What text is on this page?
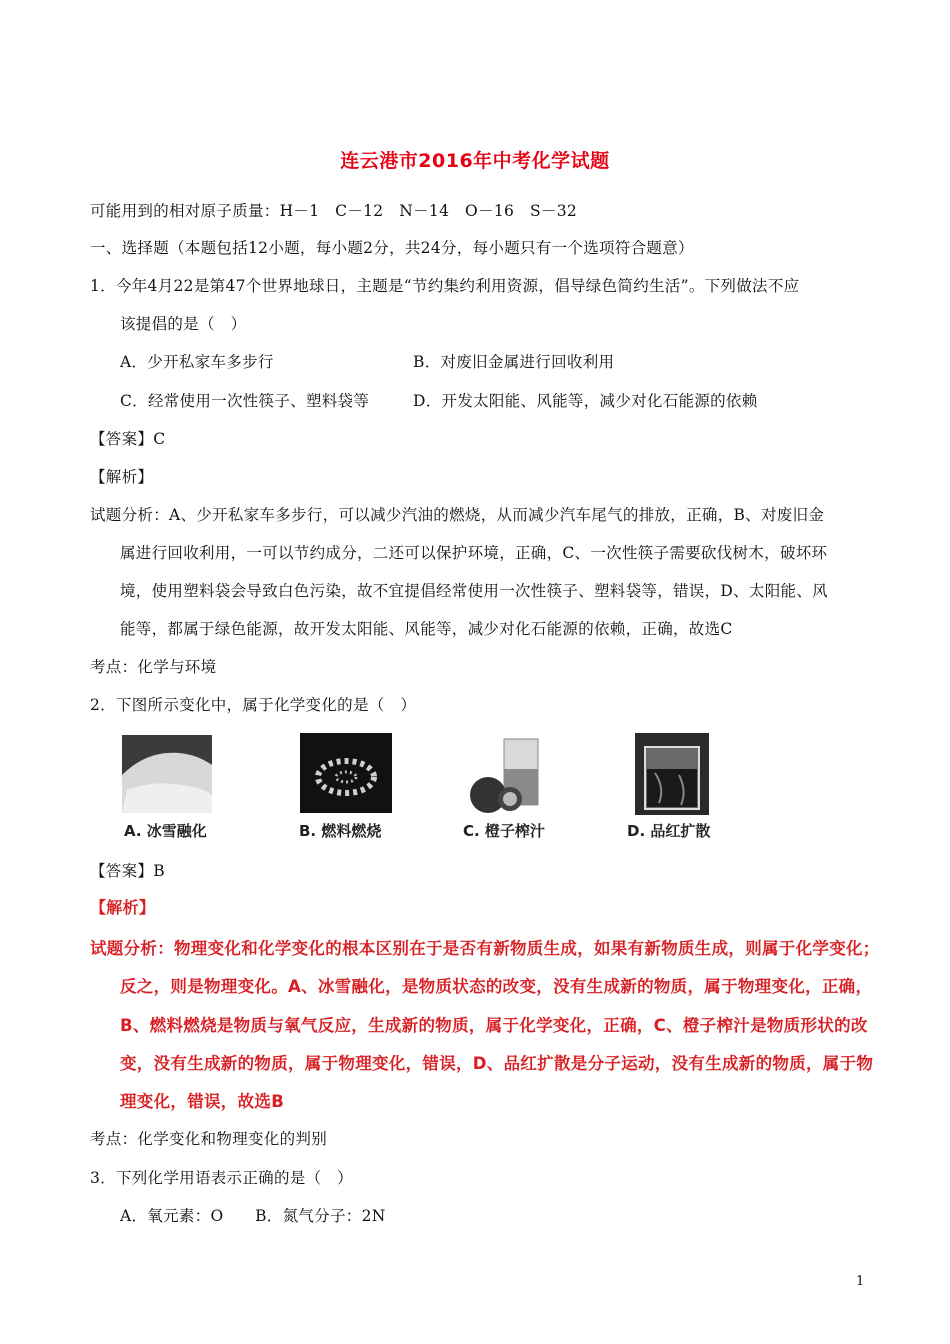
连云港市2016年中考化学试题
可能用到的相对原子质量：H－1　C－12　N－14　O－16　S－32
一、选择题（本题包括12小题，每小题2分，共24分，每小题只有一个选项符合题意）
1．今年4月22是第47个世界地球日，主题是“节约集约利用资源，倡导绿色简约生活”。下列做法不应
该提倡的是（　）
A．少开私家车多步行	B．对废旧金属进行回收利用
C．经常使用一次性筷子、塑料袋等	D．开发太阳能、风能等，减少对化石能源的依赖
【答案】C
【解析】
试题分析：A、少开私家车多步行，可以减少汽油的燃烧，从而减少汽车尾气的排放，正确，B、对废旧金
属进行回收利用，一可以节约成分，二还可以保护环境，正确，C、一次性筷子需要砍伐树木，破坏环
境，使用塑料袋会导致白色污染，故不宜提倡经常使用一次性筷子、塑料袋等，错误，D、太阳能、风
能等，都属于绿色能源，故开发太阳能、风能等，减少对化石能源的依赖，正确，故选C
考点：化学与环境
2．下图所示变化中，属于化学变化的是（　）
A. 冰雪融化	B. 燃料燃烧	C. 橙子榨汁	D. 品红扩散
【答案】B
【解析】
试题分析：物理变化和化学变化的根本区别在于是否有新物质生成，如果有新物质生成，则属于化学变化；
反之，则是物理变化。A、冰雪融化，是物质状态的改变，没有生成新的物质，属于物理变化，正确，
B、燃料燃烧是物质与氧气反应，生成新的物质，属于化学变化，正确，C、橙子榨汁是物质形状的改
变，没有生成新的物质，属于物理变化，错误，D、品红扩散是分子运动，没有生成新的物质，属于物
理变化，错误，故选B
考点：化学变化和物理变化的判别
3．下列化学用语表示正确的是（　）
A．氧元素：O　　B．氮气分子：2N
1
